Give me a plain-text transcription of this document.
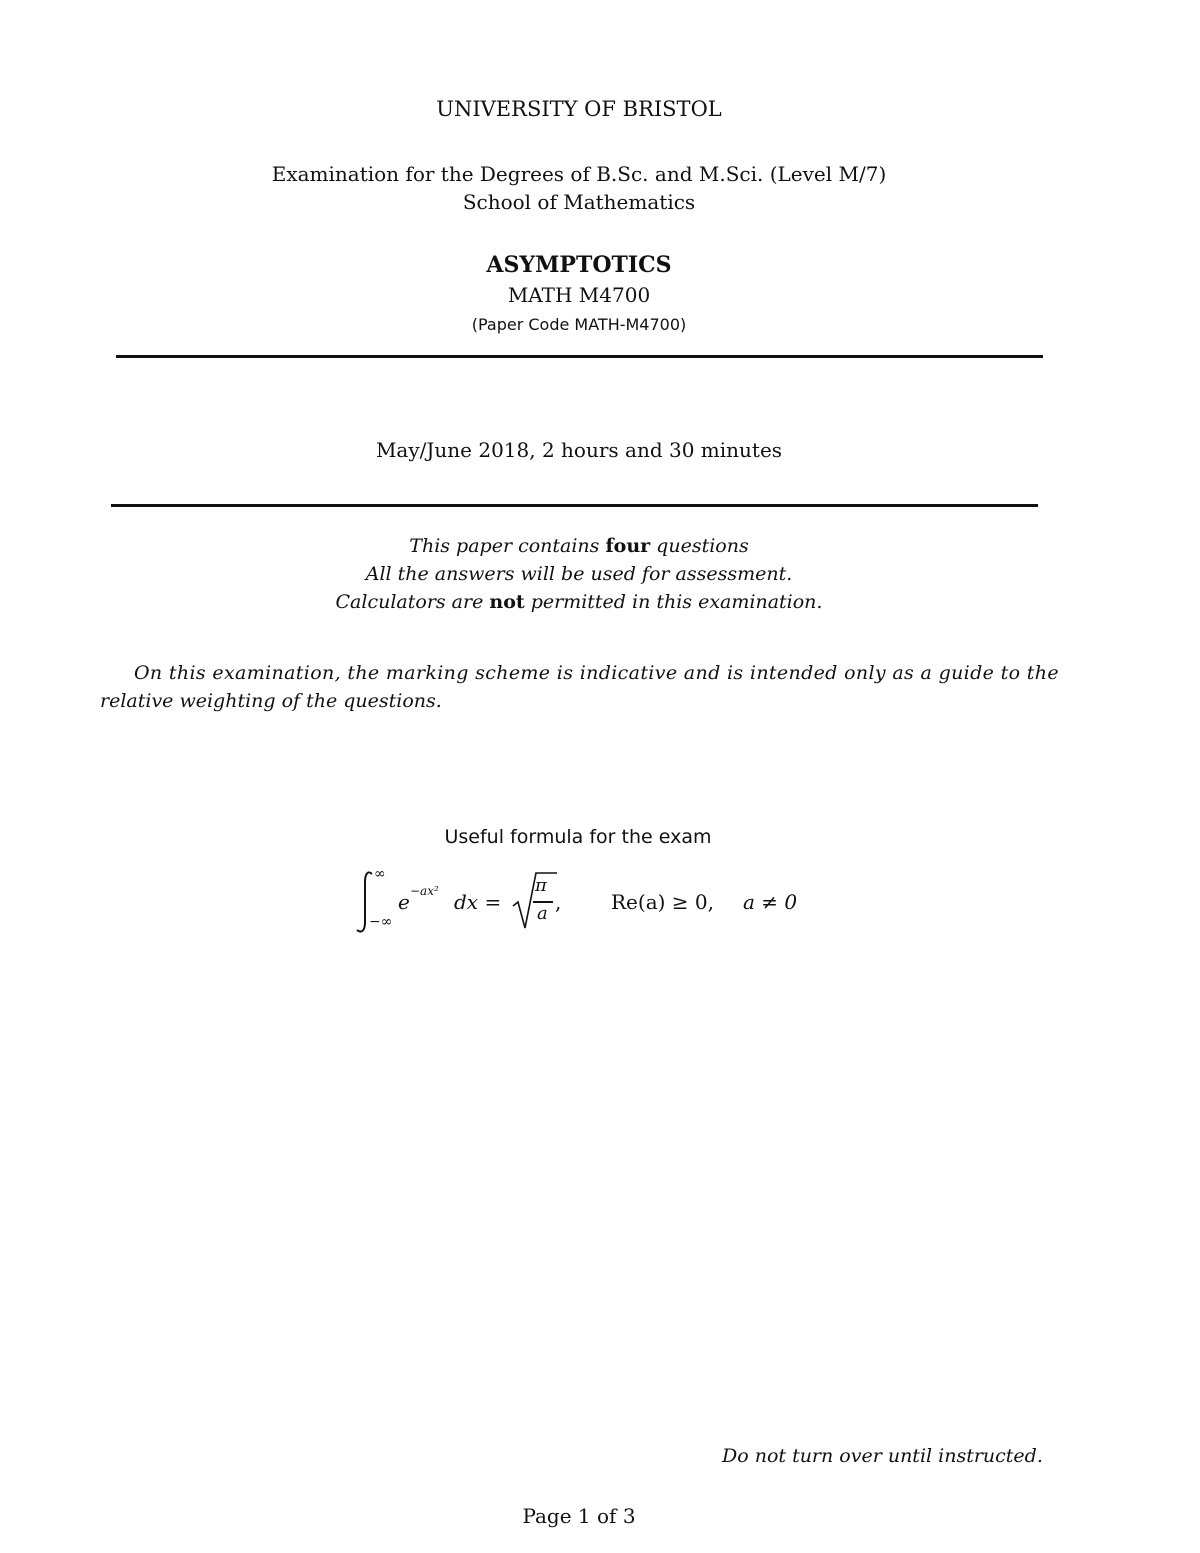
UNIVERSITY OF BRISTOL
Examination for the Degrees of B.Sc. and M.Sci. (Level M/7)
School of Mathematics
ASYMPTOTICS
MATH M4700
(Paper Code MATH-M4700)
May/June 2018, 2 hours and 30 minutes
This paper contains four questions
All the answers will be used for assessment.
Calculators are not permitted in this examination.
On this examination, the marking scheme is indicative and is intended only as a guide to the
relative weighting of the questions.
Useful formula for the exam
∞
−∞
e −ax² dx =
π
a , Re(a) ≥ 0, a ≠ 0
Do not turn over until instructed.
Page 1 of 3
